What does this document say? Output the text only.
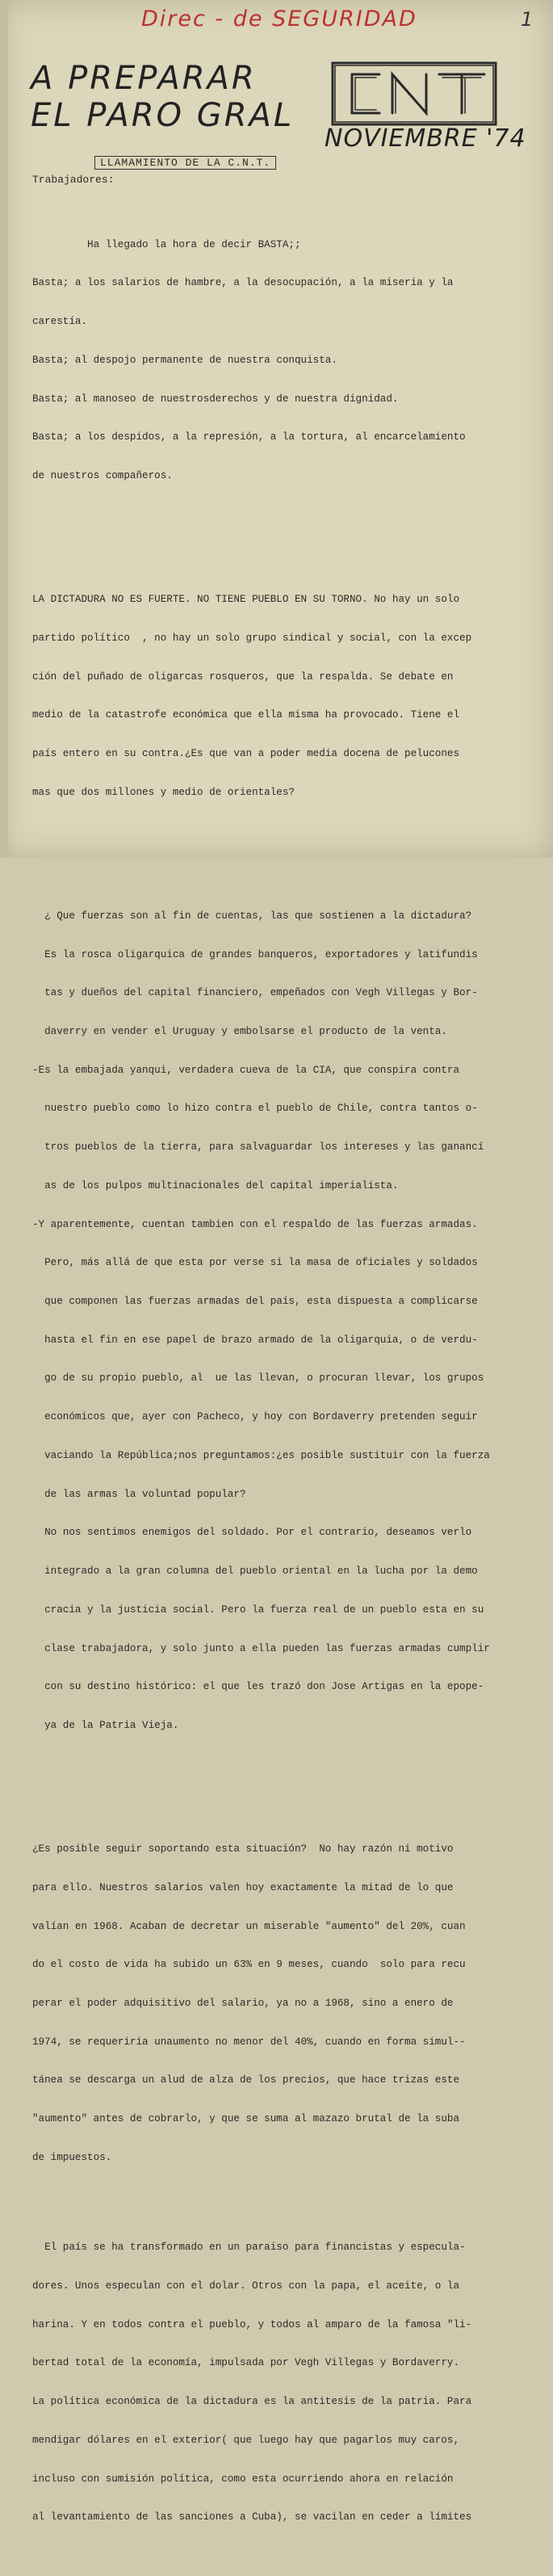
Direc - de SEGURIDAD	1
A PREPARAR
EL PARO GRAL
NOVIEMBRE '74
LLAMAMIENTO DE LA C.N.T.
Trabajadores:

Ha llegado la hora de decir BASTA;;

Basta; a los salarios de hambre, a la desocupación, a la miseria y la

carestía.

Basta; al despojo permanente de nuestra conquista.

Basta; al manoseo de nuestrosderechos y de nuestra dignidad.

Basta; a los despidos, a la represión, a la tortura, al encarcelamiento

de nuestros compañeros.

LA DICTADURA NO ES FUERTE. NO TIENE PUEBLO EN SU TORNO. No hay un solo

partido político  , no hay un solo grupo sindical y social, con la excep

ción del puñado de oligarcas rosqueros, que la respalda. Se debate en

medio de la catastrofe económica que ella misma ha provocado. Tiene el

país entero en su contra.¿Es que van a poder media docena de pelucones

mas que dos millones y medio de orientales?

¿ Que fuerzas son al fin de cuentas, las que sostienen a la dictadura?

Es la rosca oligarquica de grandes banqueros, exportadores y latifundis

tas y dueños del capital financiero, empeñados con Vegh Villegas y Bor-

daverry en vender el Uruguay y embolsarse el producto de la venta.

-Es la embajada yanqui, verdadera cueva de la CIA, que conspira contra

nuestro pueblo como lo hizo contra el pueblo de Chile, contra tantos o-

tros pueblos de la tierra, para salvaguardar los intereses y las ganancí

as de los pulpos multinacionales del capital imperialista.

-Y aparentemente, cuentan tambien con el respaldo de las fuerzas armadas.

Pero, más allá de que esta por verse si la masa de oficiales y soldados

que componen las fuerzas armadas del país, esta dispuesta a complicarse

hasta el fin en ese papel de brazo armado de la oligarquia, o de verdu-

go de su propio pueblo, al  ue las llevan, o procuran llevar, los grupos

económicos que, ayer con Pacheco, y hoy con Bordaverry pretenden seguir

vaciando la República;nos preguntamos:¿es posible sustituir con la fuerza

de las armas la voluntad popular?

No nos sentimos enemigos del soldado. Por el contrario, deseamos verlo

integrado a la gran columna del pueblo oriental en la lucha por la demo

cracia y la justicia social. Pero la fuerza real de un pueblo esta en su

clase trabajadora, y solo junto a ella pueden las fuerzas armadas cumplir

con su destino histórico: el que les trazó don Jose Artigas en la epope-

ya de la Patria Vieja.

¿Es posible seguir soportando esta situación?  No hay razón ni motivo

para ello. Nuestros salarios valen hoy exactamente la mitad de lo que

valían en 1968. Acaban de decretar un miserable "aumento" del 20%, cuan

do el costo de vida ha subido un 63% en 9 meses, cuando  solo para recu

perar el poder adquisitivo del salario, ya no a 1968, sino a enero de

1974, se requeriria unaumento no menor del 40%, cuando en forma simul--

tánea se descarga un alud de alza de los precios, que hace trizas este

"aumento" antes de cobrarlo, y que se suma al mazazo brutal de la suba

de impuestos.

El país se ha transformado en un paraiso para financistas y especula-

dores. Unos especulan con el dolar. Otros con la papa, el aceite, o la

harina. Y en todos contra el pueblo, y todos al amparo de la famosa "li-

bertad total de la economía, impulsada por Vegh Villegas y Bordaverry.

La política económica de la dictadura es la antitesis de la patria. Para

mendigar dólares en el exterior( que luego hay que pagarlos muy caros,

incluso con sumisión política, como esta ocurriendo ahora en relación

al levantamiento de las sanciones a Cuba), se vacilan en ceder a límites
